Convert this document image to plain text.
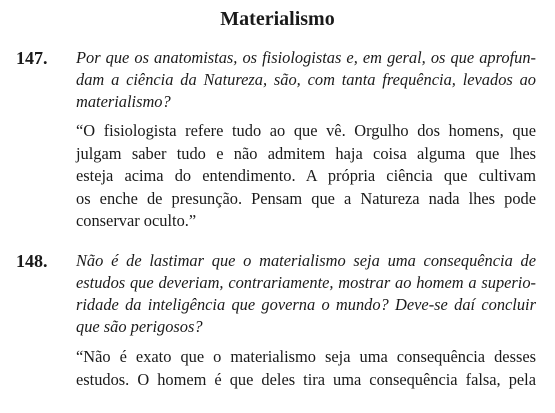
Materialismo
147. Por que os anatomistas, os fisiologistas e, em geral, os que aprofun-
dam a ciência da Natureza, são, com tanta frequência, levados ao
materialismo?

“O fisiologista refere tudo ao que vê. Orgulho dos homens, que
julgam saber tudo e não admitem haja coisa alguma que lhes
esteja acima do entendimento. A própria ciência que cultivam
os enche de presunção. Pensam que a Natureza nada lhes pode
conservar oculto.”

148. Não é de lastimar que o materialismo seja uma consequência de
estudos que deveriam, contrariamente, mostrar ao homem a superio-
ridade da inteligência que governa o mundo? Deve-se daí concluir
que são perigosos?

“Não é exato que o materialismo seja uma consequência desses
estudos. O homem é que deles tira uma consequência falsa, pela
